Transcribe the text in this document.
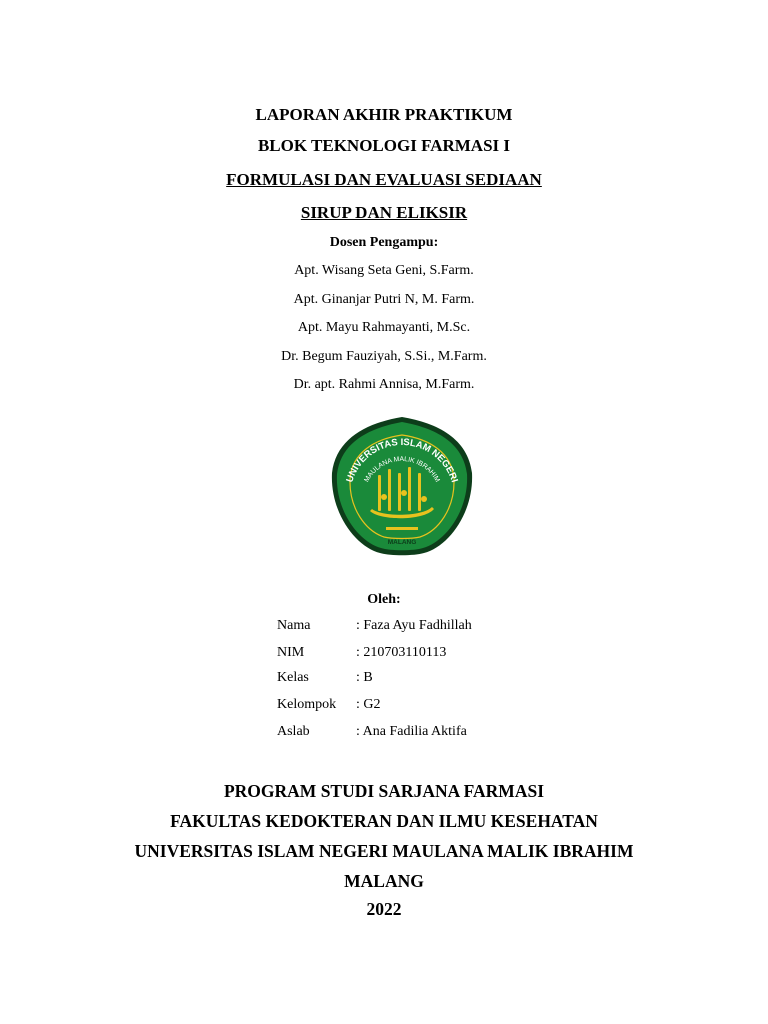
LAPORAN AKHIR PRAKTIKUM
BLOK TEKNOLOGI FARMASI I
FORMULASI DAN EVALUASI SEDIAAN
SIRUP DAN ELIKSIR
Dosen Pengampu:
Apt. Wisang Seta Geni, S.Farm.
Apt. Ginanjar Putri N, M. Farm.
Apt. Mayu Rahmayanti, M.Sc.
Dr. Begum Fauziyah, S.Si., M.Farm.
Dr. apt. Rahmi Annisa, M.Farm.
UNIVERSITAS ISLAM NEGERI
MAULANA MALIK IBRAHIM
MALANG
Oleh:
Nama	: Faza Ayu Fadhillah
NIM	: 210703110113
Kelas	: B
Kelompok : G2
Aslab	: Ana Fadilia Aktifa
PROGRAM STUDI SARJANA FARMASI
FAKULTAS KEDOKTERAN DAN ILMU KESEHATAN
UNIVERSITAS ISLAM NEGERI MAULANA MALIK IBRAHIM
MALANG
2022
